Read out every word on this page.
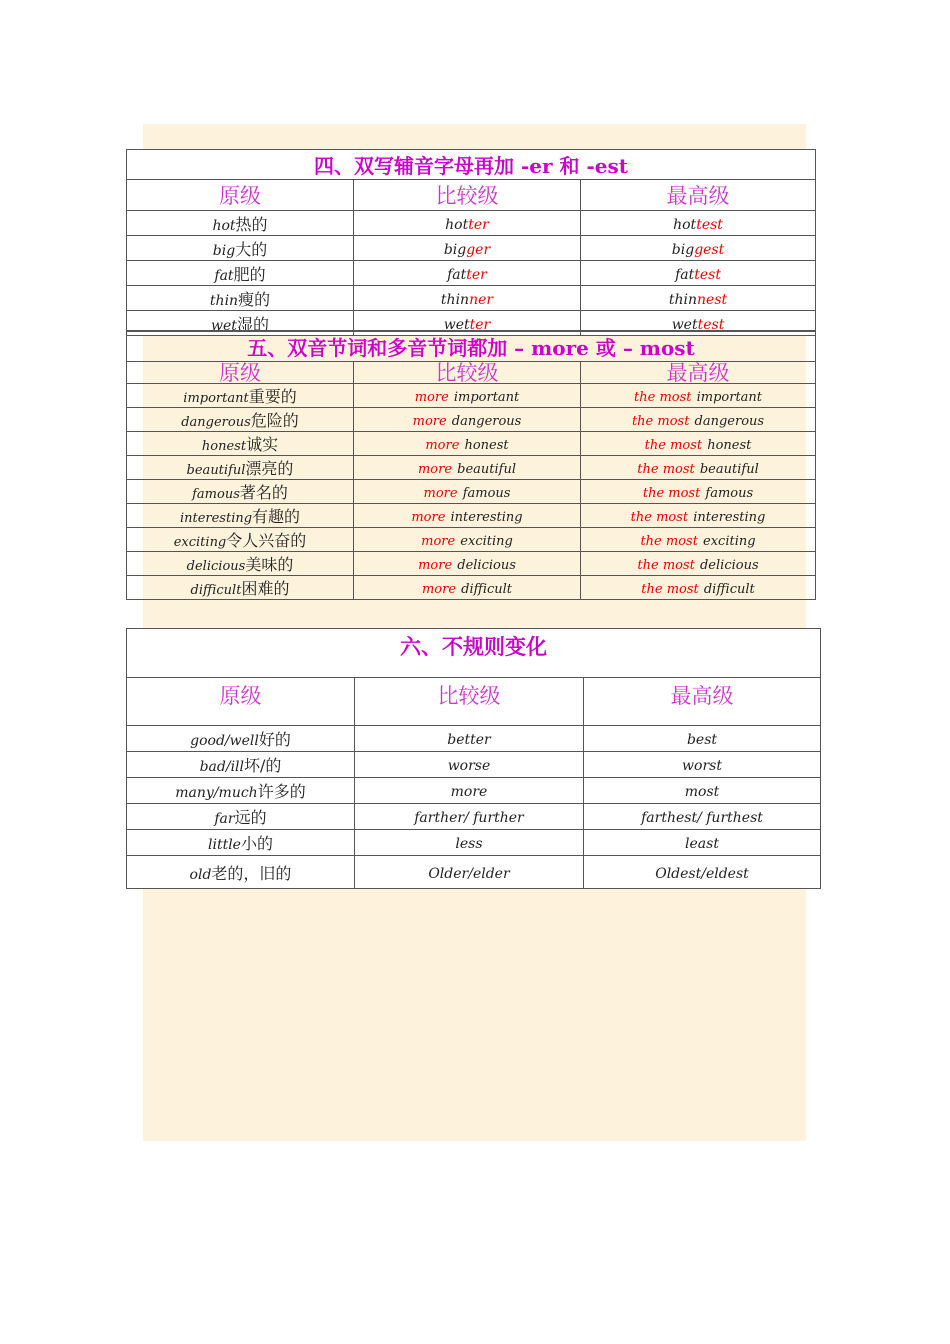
四、双写辅音字母再加 -er 和 -est		
原级	比较级	最高级
hot热的	hotter	hottest
big大的	bigger	biggest
fat肥的	fatter	fattest
thin瘦的	thinner	thinnest
wet湿的	wetter	wettest
五、双音节词和多音节词都加 – more 或 – most		
原级	比较级	最高级
important重要的	more important	the most important
dangerous危险的	more dangerous	the most dangerous
honest诚实	more honest	the most honest
beautiful漂亮的	more beautiful	the most beautiful
famous著名的	more famous	the most famous
interesting有趣的	more interesting	the most interesting
exciting令人兴奋的	more exciting	the most exciting
delicious美味的	more delicious	the most delicious
difficult困难的	more difficult	the most difficult
六、不规则变化		
原级	比较级	最高级
good/well好的	better	best
bad/ill坏/的	worse	worst
many/much许多的	more	most
far远的	farther/ further	farthest/ furthest
little小的	less	least
old老的，旧的	Older/elder	Oldest/eldest
